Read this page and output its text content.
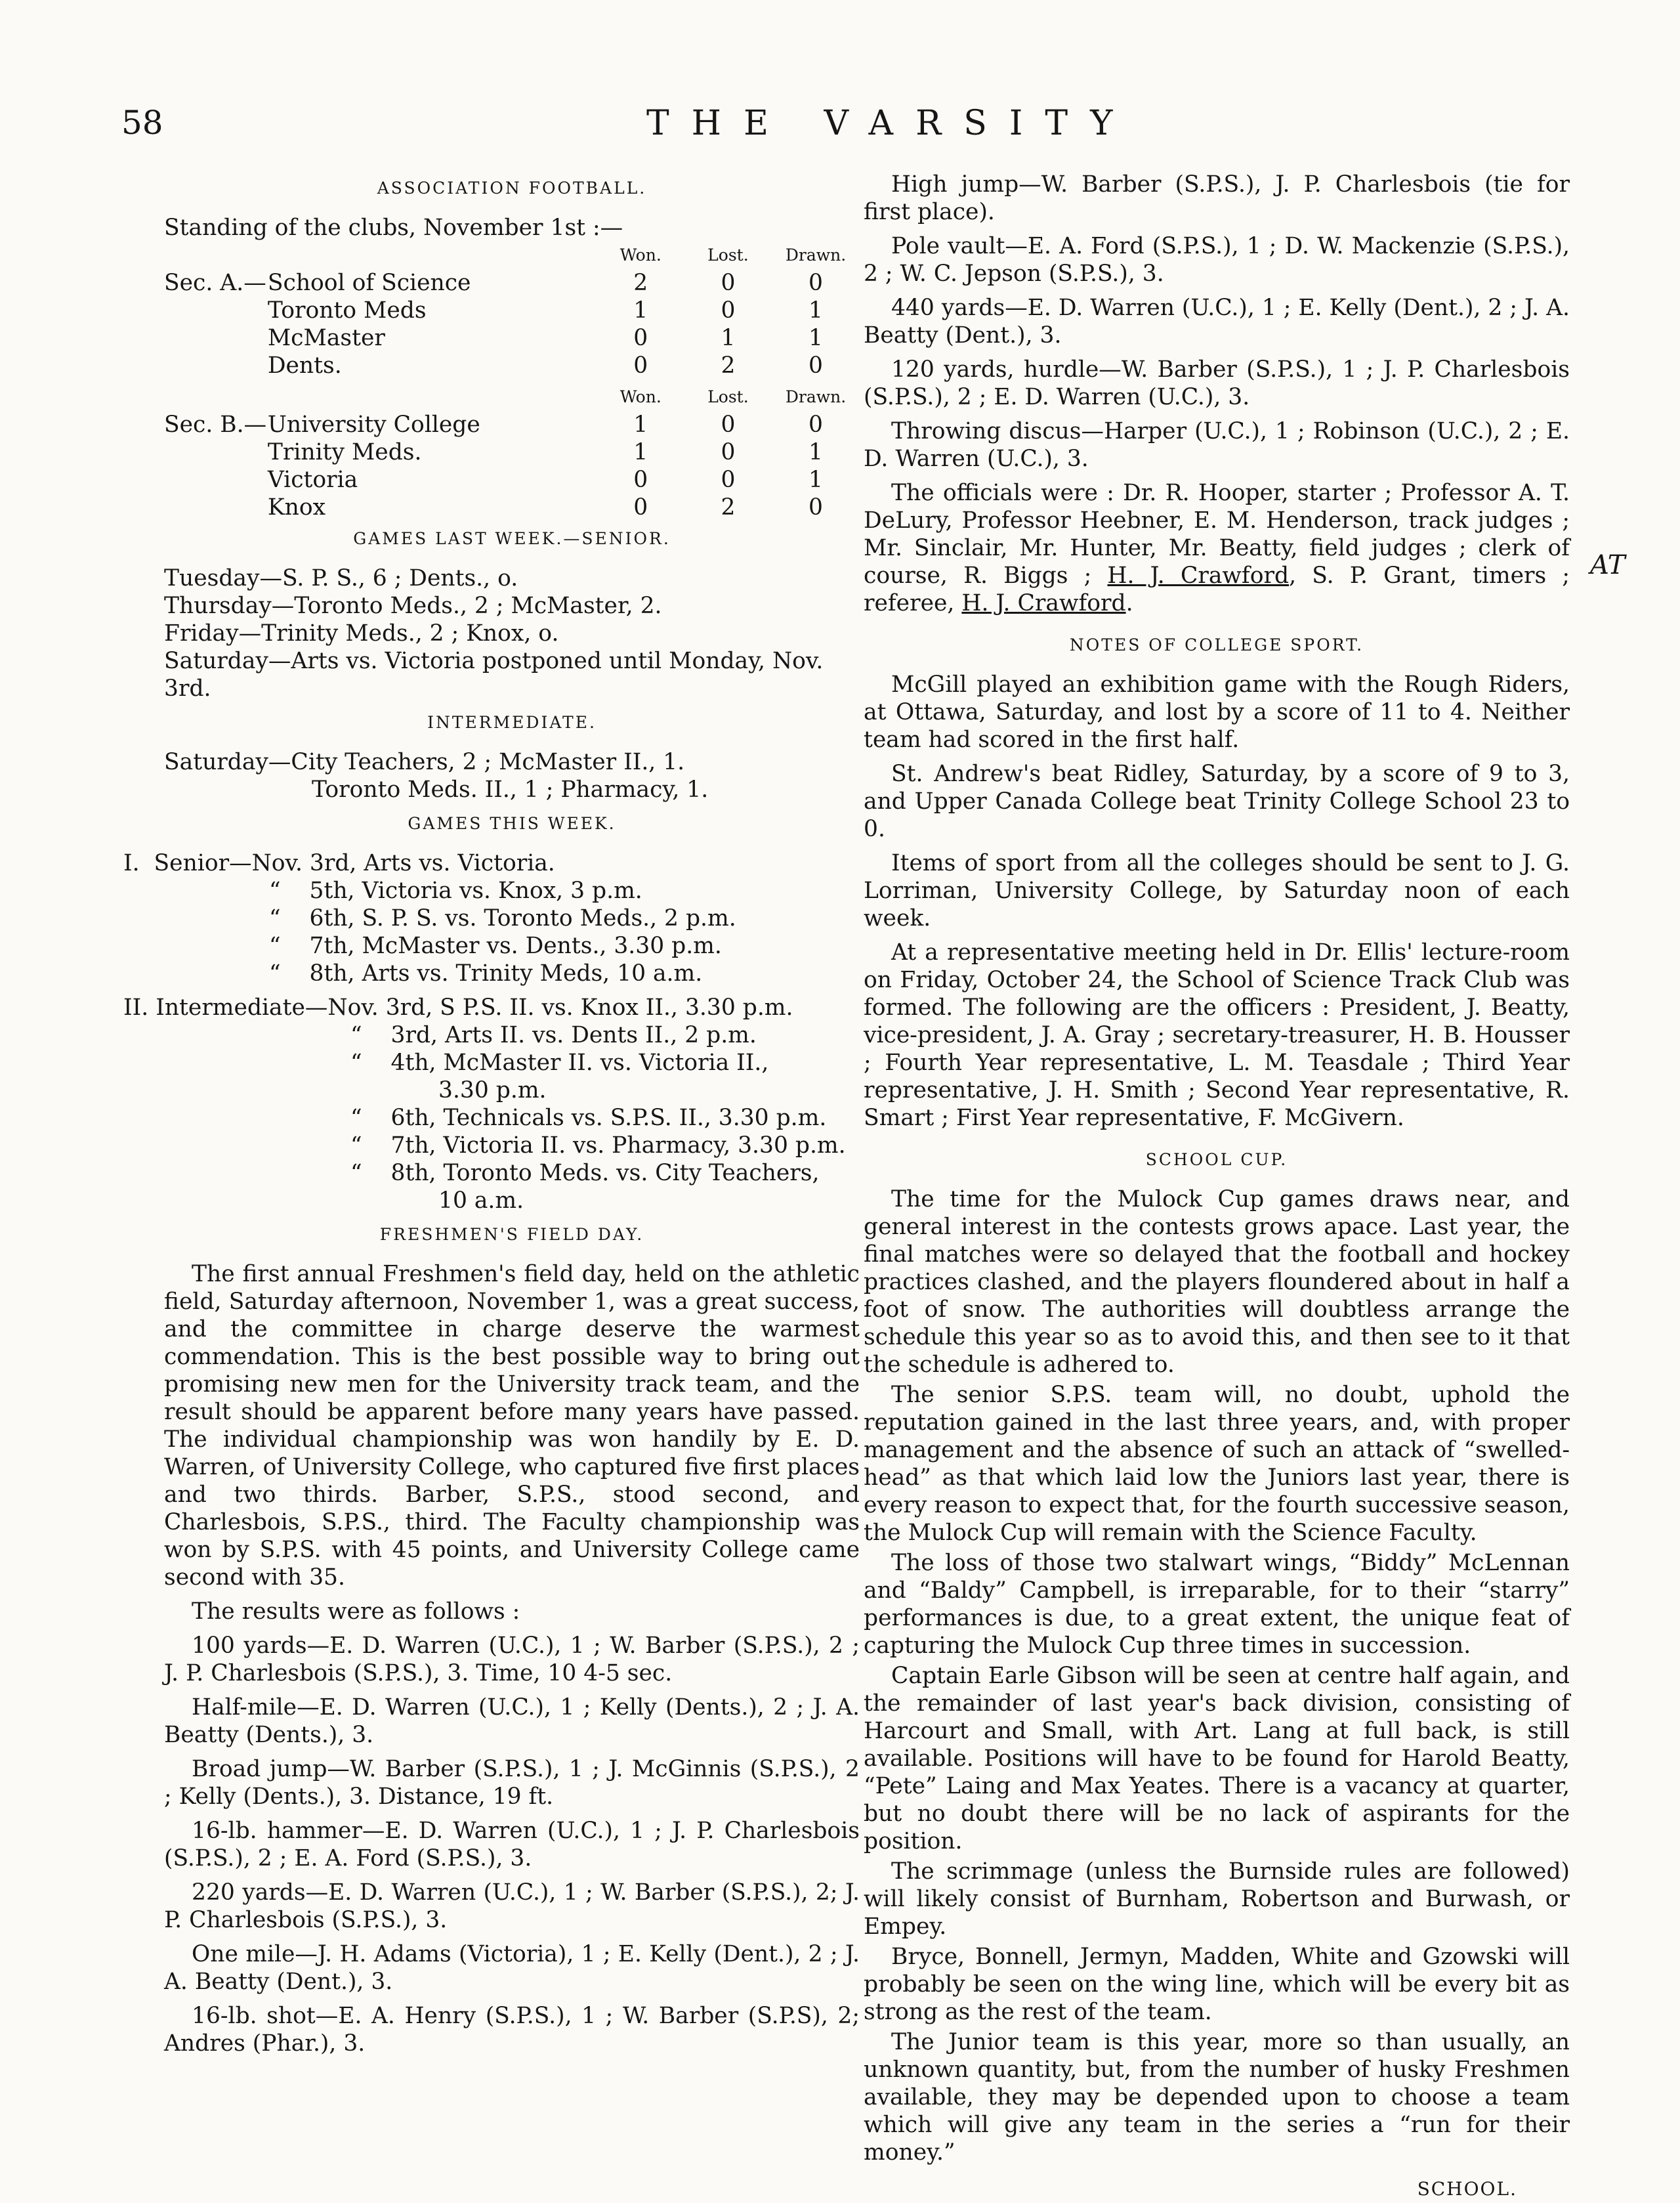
58	THE VARSITY
ASSOCIATION FOOTBALL.
Standing of the clubs, November 1st :—
		Won.	Lost.	Drawn.
Sec. A.—	School of Science	2	0	0
	Toronto Meds	1	0	1
	McMaster	0	1	1
	Dents.	0	2	0
		Won.	Lost.	Drawn.
Sec. B.—	University College	1	0	0
	Trinity Meds.	1	0	1
	Victoria	0	0	1
	Knox	0	2	0
GAMES LAST WEEK.—SENIOR.
Tuesday—S. P. S., 6 ; Dents., o.
Thursday—Toronto Meds., 2 ; McMaster, 2.
Friday—Trinity Meds., 2 ; Knox, o.
Saturday—Arts vs. Victoria postponed until Monday, Nov. 3rd.
INTERMEDIATE.
Saturday—City Teachers, 2 ; McMaster II., 1.
Toronto Meds. II., 1 ; Pharmacy, 1.
GAMES THIS WEEK.
I.  Senior—Nov. 3rd, Arts vs. Victoria.
“    5th, Victoria vs. Knox, 3 p.m.
“    6th, S. P. S. vs. Toronto Meds., 2 p.m.
“    7th, McMaster vs. Dents., 3.30 p.m.
“    8th, Arts vs. Trinity Meds, 10 a.m.
II. Intermediate—Nov. 3rd, S P.S. II. vs. Knox II., 3.30 p.m.
“    3rd, Arts II. vs. Dents II., 2 p.m.
“    4th, McMaster II. vs. Victoria II.,
3.30 p.m.
“    6th, Technicals vs. S.P.S. II., 3.30 p.m.
“    7th, Victoria II. vs. Pharmacy, 3.30 p.m.
“    8th, Toronto Meds. vs. City Teachers,
10 a.m.
FRESHMEN'S FIELD DAY.
The first annual Freshmen's field day, held on the athletic field, Saturday afternoon, November 1, was a great success, and the committee in charge deserve the warmest commendation. This is the best possible way to bring out promising new men for the University track team, and the result should be apparent before many years have passed. The individual championship was won handily by E. D. Warren, of University College, who captured five first places and two thirds. Barber, S.P.S., stood second, and Charlesbois, S.P.S., third. The Faculty championship was won by S.P.S. with 45 points, and University College came second with 35.
The results were as follows :
100 yards—E. D. Warren (U.C.), 1 ; W. Barber (S.P.S.), 2 ; J. P. Charlesbois (S.P.S.), 3. Time, 10 4-5 sec.
Half-mile—E. D. Warren (U.C.), 1 ; Kelly (Dents.), 2 ; J. A. Beatty (Dents.), 3.
Broad jump—W. Barber (S.P.S.), 1 ; J. McGinnis (S.P.S.), 2 ; Kelly (Dents.), 3. Distance, 19 ft.
16-lb. hammer—E. D. Warren (U.C.), 1 ; J. P. Charlesbois (S.P.S.), 2 ; E. A. Ford (S.P.S.), 3.
220 yards—E. D. Warren (U.C.), 1 ; W. Barber (S.P.S.), 2; J. P. Charlesbois (S.P.S.), 3.
One mile—J. H. Adams (Victoria), 1 ; E. Kelly (Dent.), 2 ; J. A. Beatty (Dent.), 3.
16-lb. shot—E. A. Henry (S.P.S.), 1 ; W. Barber (S.P.S), 2; Andres (Phar.), 3.
High jump—W. Barber (S.P.S.), J. P. Charlesbois (tie for first place).
Pole vault—E. A. Ford (S.P.S.), 1 ; D. W. Mackenzie (S.P.S.), 2 ; W. C. Jepson (S.P.S.), 3.
440 yards—E. D. Warren (U.C.), 1 ; E. Kelly (Dent.), 2 ; J. A. Beatty (Dent.), 3.
120 yards, hurdle—W. Barber (S.P.S.), 1 ; J. P. Charlesbois (S.P.S.), 2 ; E. D. Warren (U.C.), 3.
Throwing discus—Harper (U.C.), 1 ; Robinson (U.C.), 2 ; E. D. Warren (U.C.), 3.
The officials were : Dr. R. Hooper, starter ; Professor A. T. DeLury, Professor Heebner, E. M. Henderson, track judges ; Mr. Sinclair, Mr. Hunter, Mr. Beatty, field judges ; clerk of course, R. Biggs ; H. J. Crawford, S. P. Grant, timers ; referee, H. J. Crawford.
NOTES OF COLLEGE SPORT.
McGill played an exhibition game with the Rough Riders, at Ottawa, Saturday, and lost by a score of 11 to 4. Neither team had scored in the first half.
St. Andrew's beat Ridley, Saturday, by a score of 9 to 3, and Upper Canada College beat Trinity College School 23 to 0.
Items of sport from all the colleges should be sent to J. G. Lorriman, University College, by Saturday noon of each week.
At a representative meeting held in Dr. Ellis' lecture-room on Friday, October 24, the School of Science Track Club was formed. The following are the officers : President, J. Beatty, vice-president, J. A. Gray ; secretary-treasurer, H. B. Housser ; Fourth Year representative, L. M. Teasdale ; Third Year representative, J. H. Smith ; Second Year representative, R. Smart ; First Year representative, F. McGivern.
SCHOOL CUP.
The time for the Mulock Cup games draws near, and general interest in the contests grows apace. Last year, the final matches were so delayed that the football and hockey practices clashed, and the players floundered about in half a foot of snow. The authorities will doubtless arrange the schedule this year so as to avoid this, and then see to it that the schedule is adhered to.
The senior S.P.S. team will, no doubt, uphold the reputation gained in the last three years, and, with proper management and the absence of such an attack of “swelled-head” as that which laid low the Juniors last year, there is every reason to expect that, for the fourth successive season, the Mulock Cup will remain with the Science Faculty.
The loss of those two stalwart wings, “Biddy” McLennan and “Baldy” Campbell, is irreparable, for to their “starry” performances is due, to a great extent, the unique feat of capturing the Mulock Cup three times in succession.
Captain Earle Gibson will be seen at centre half again, and the remainder of last year's back division, consisting of Harcourt and Small, with Art. Lang at full back, is still available. Positions will have to be found for Harold Beatty, “Pete” Laing and Max Yeates. There is a vacancy at quarter, but no doubt there will be no lack of aspirants for the position.
The scrimmage (unless the Burnside rules are followed) will likely consist of Burnham, Robertson and Burwash, or Empey.
Bryce, Bonnell, Jermyn, Madden, White and Gzowski will probably be seen on the wing line, which will be every bit as strong as the rest of the team.
The Junior team is this year, more so than usually, an unknown quantity, but, from the number of husky Freshmen available, they may be depended upon to choose a team which will give any team in the series a “run for their money.”
SCHOOL.
AT
